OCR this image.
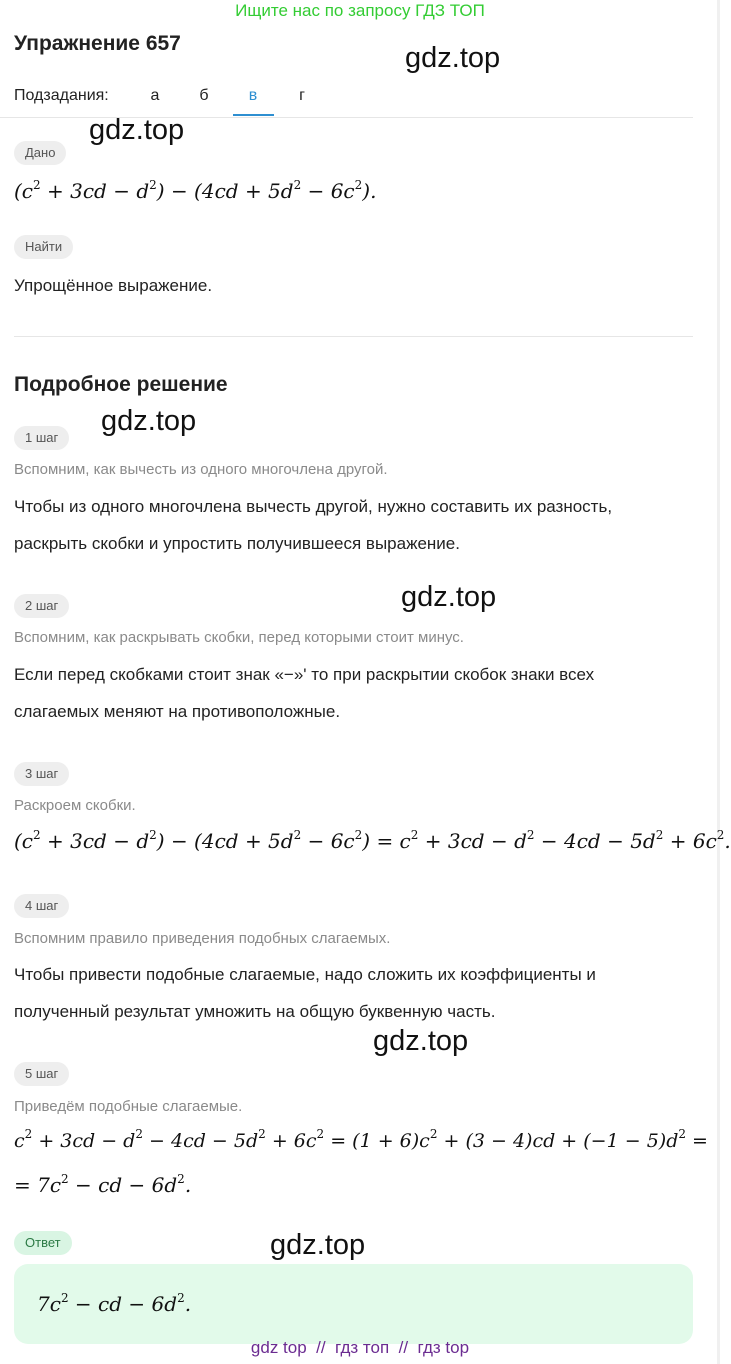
Ищите нас по запросу ГДЗ ТОП
Упражнение 657	gdz.top
Подзадания:	а	б	в	г
gdz.top
Дано
$(c^2 + 3cd - d^2) - (4cd + 5d^2 - 6c^2)$.
Найти
Упрощённое выражение.
Подробное решение
gdz.top
1 шаг
Вспомним, как вычесть из одного многочлена другой.
Чтобы из одного многочлена вычесть другой, нужно составить их разность,
раскрыть скобки и упростить получившееся выражение.
gdz.top
2 шаг
Вспомним, как раскрывать скобки, перед которыми стоит минус.
Если перед скобками стоит знак «−»' то при раскрытии скобок знаки всех
слагаемых меняют на противоположные.
3 шаг
Раскроем скобки.
$(c^2 + 3cd - d^2) - (4cd + 5d^2 - 6c^2) = c^2 + 3cd - d^2 - 4cd - 5d^2 + 6c^2$.
4 шаг
Вспомним правило приведения подобных слагаемых.
Чтобы привести подобные слагаемые, надо сложить их коэффициенты и
полученный результат умножить на общую буквенную часть.
gdz.top
5 шаг
Приведём подобные слагаемые.
$c^2 + 3cd - d^2 - 4cd - 5d^2 + 6c^2 = (1 + 6)c^2 + (3 - 4)cd + (-1 - 5)d^2$ =
= $7c^2$ − cd − $6d^2$.
Ответ	gdz.top
$7c^2$ − cd − $6d^2$.
gdz top // гдз топ // гдз top
